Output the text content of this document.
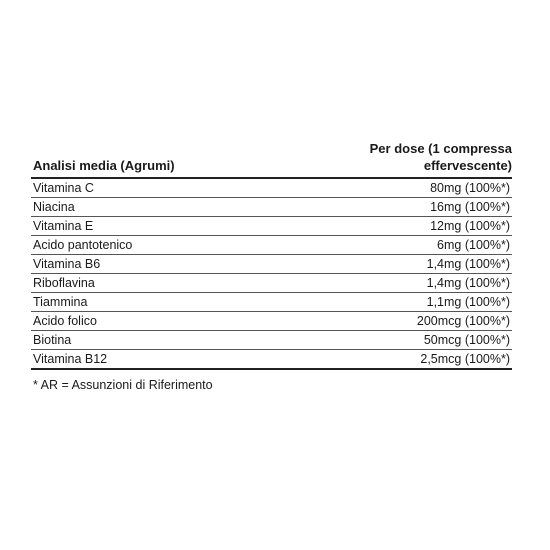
Analisi media (Agrumi)
Per dose (1 compressa
effervescente)
Vitamina C	80mg (100%*)
Niacina	16mg (100%*)
Vitamina E	12mg (100%*)
Acido pantotenico	6mg (100%*)
Vitamina B6	1,4mg (100%*)
Riboflavina	1,4mg (100%*)
Tiammina	1,1mg (100%*)
Acido folico	200mcg (100%*)
Biotina	50mcg (100%*)
Vitamina B12	2,5mcg (100%*)
* AR = Assunzioni di Riferimento
